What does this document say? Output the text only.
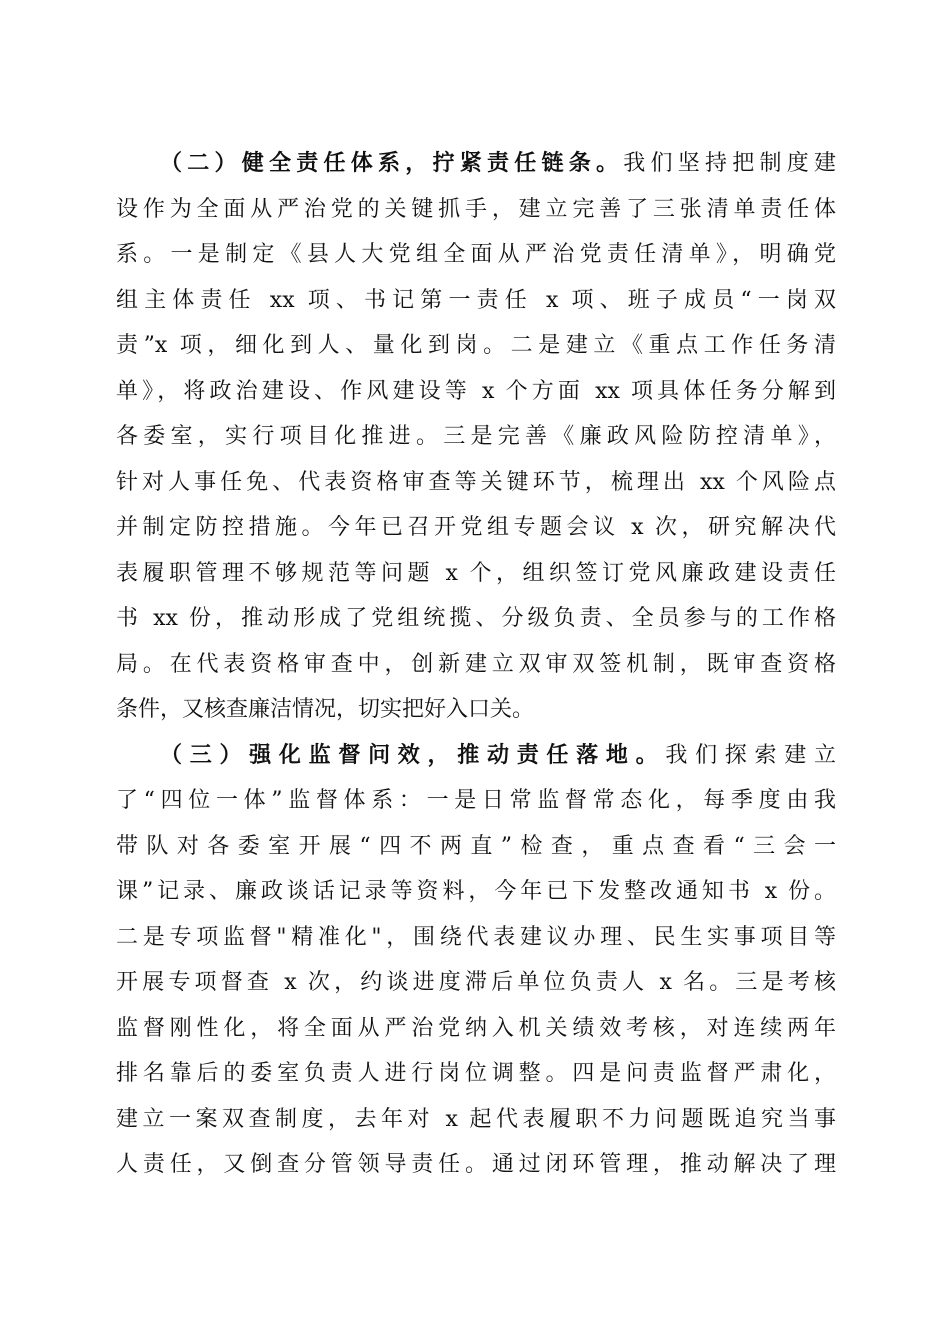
（二）健全责任体系，拧紧责任链条。我们坚持把制度建
设作为全面从严治党的关键抓手，建立完善了三张清单责任体
系。一是制定《县人大党组全面从严治党责任清单》，明确党
组主体责任 xx 项、书记第一责任 x 项、班子成员“一岗双
责”x 项，细化到人、量化到岗。二是建立《重点工作任务清
单》，将政治建设、作风建设等 x 个方面 xx 项具体任务分解到
各委室，实行项目化推进。三是完善《廉政风险防控清单》，
针对人事任免、代表资格审查等关键环节，梳理出 xx 个风险点
并制定防控措施。今年已召开党组专题会议 x 次，研究解决代
表履职管理不够规范等问题 x 个，组织签订党风廉政建设责任
书 xx 份，推动形成了党组统揽、分级负责、全员参与的工作格
局。在代表资格审查中，创新建立双审双签机制，既审查资格
条件，又核查廉洁情况，切实把好入口关。
（三）强化监督问效，推动责任落地。我们探索建立
了“四位一体”监督体系：一是日常监督常态化，每季度由我
带队对各委室开展“四不两直”检查，重点查看“三会一
课”记录、廉政谈话记录等资料，今年已下发整改通知书 x 份。
二是专项监督"精准化"，围绕代表建议办理、民生实事项目等
开展专项督查 x 次，约谈进度滞后单位负责人 x 名。三是考核
监督刚性化，将全面从严治党纳入机关绩效考核，对连续两年
排名靠后的委室负责人进行岗位调整。四是问责监督严肃化，
建立一案双查制度，去年对 x 起代表履职不力问题既追究当事
人责任，又倒查分管领导责任。通过闭环管理，推动解决了理
